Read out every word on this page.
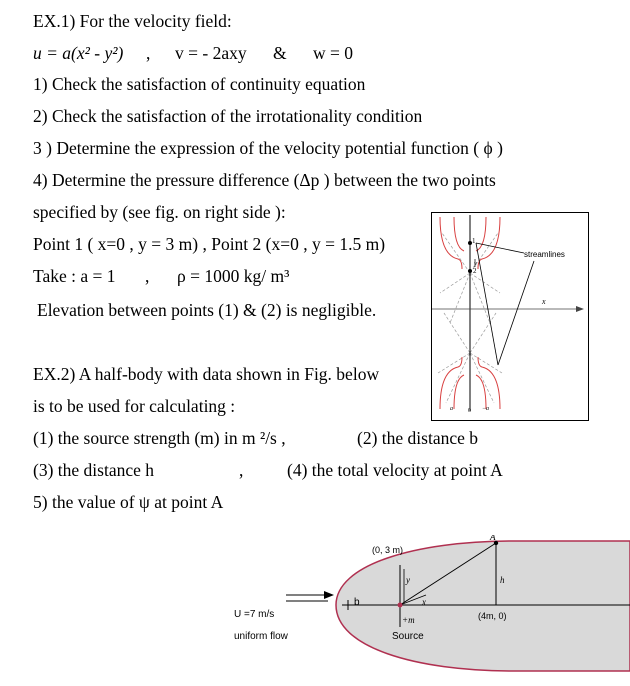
EX.1) For the velocity field:
u = a(x² - y²) , v = - 2axy & w = 0
1) Check the satisfaction of continuity equation
2) Check the satisfaction of the irrotationality condition
3 ) Determine the expression of the velocity potential function ( ϕ )
4) Determine the pressure difference (Δp ) between the two points
specified by (see fig. on right side ):
Point 1 ( x=0 , y = 3 m) , Point 2 (x=0 , y = 1.5 m)
Take : a = 1 , ρ = 1000 kg/ m³
Elevation between points (1) & (2) is negligible.
1
2
y
streamlines
x
a	0 −a
EX.2) A half-body with data shown in Fig. below
is to be used for calculating :
(1) the source strength (m) in m ²/s ,	(2) the distance b
(3) the distance h	, (4) the total velocity at point A
5) the value of ψ at point A
(0, 3 m)
A
y	h
b	x
U =7 m/s
uniform flow
+m
Source
(4m, 0)
